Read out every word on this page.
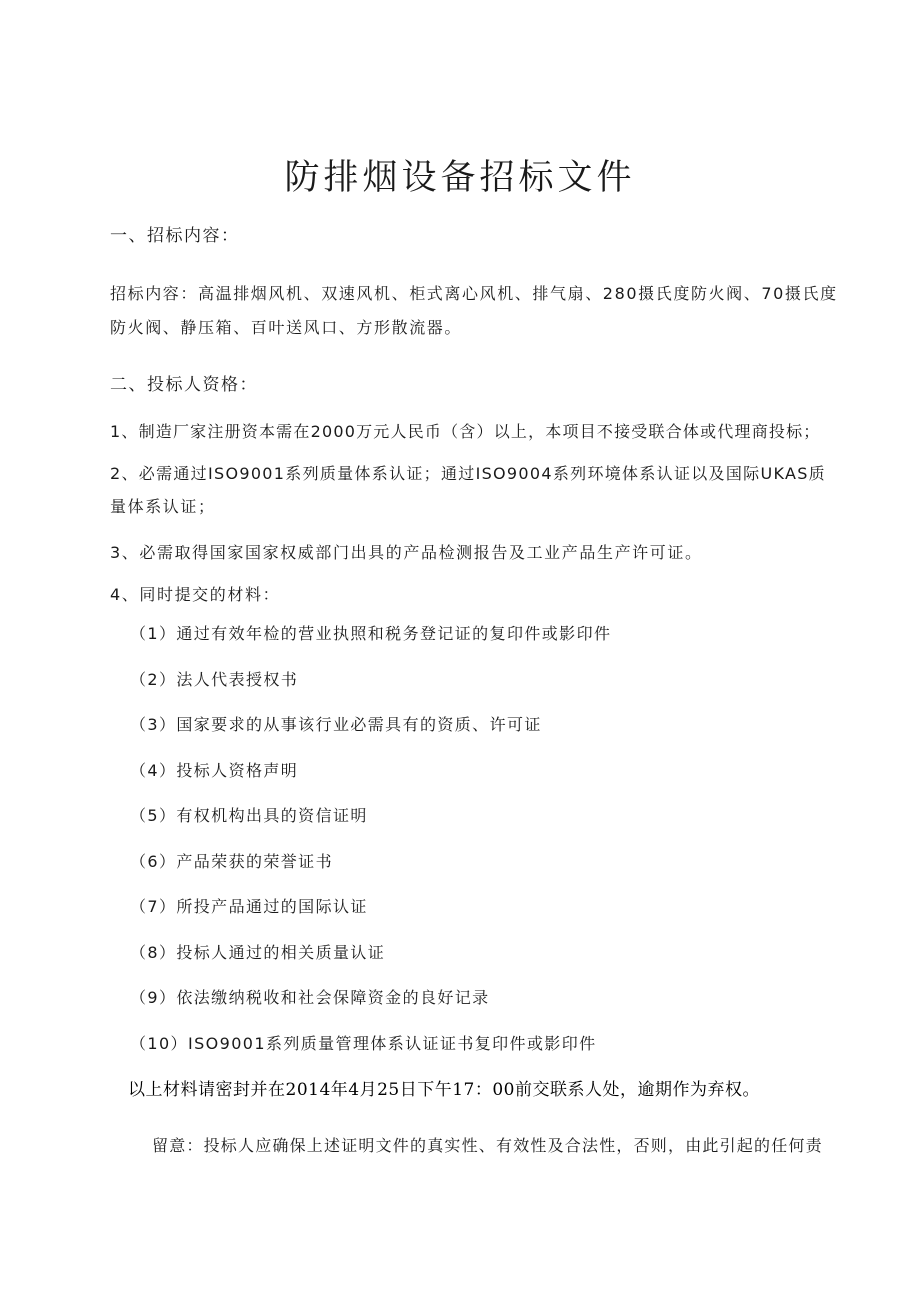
防排烟设备招标文件
一、招标内容：
招标内容：高温排烟风机、双速风机、柜式离心风机、排气扇、280摄氏度防火阀、70摄氏度
防火阀、静压箱、百叶送风口、方形散流器。
二、投标人资格：
1、制造厂家注册资本需在2000万元人民币（含）以上，本项目不接受联合体或代理商投标；
2、必需通过ISO9001系列质量体系认证；通过ISO9004系列环境体系认证以及国际UKAS质
量体系认证；
3、必需取得国家国家权威部门出具的产品检测报告及工业产品生产许可证。
4、同时提交的材料：
（1）通过有效年检的营业执照和税务登记证的复印件或影印件
（2）法人代表授权书
（3）国家要求的从事该行业必需具有的资质、许可证
（4）投标人资格声明
（5）有权机构出具的资信证明
（6）产品荣获的荣誉证书
（7）所投产品通过的国际认证
（8）投标人通过的相关质量认证
（9）依法缴纳税收和社会保障资金的良好记录
（10）ISO9001系列质量管理体系认证证书复印件或影印件
以上材料请密封并在2014年4月25日下午17：00前交联系人处，逾期作为弃权。
留意：投标人应确保上述证明文件的真实性、有效性及合法性，否则，由此引起的任何责
